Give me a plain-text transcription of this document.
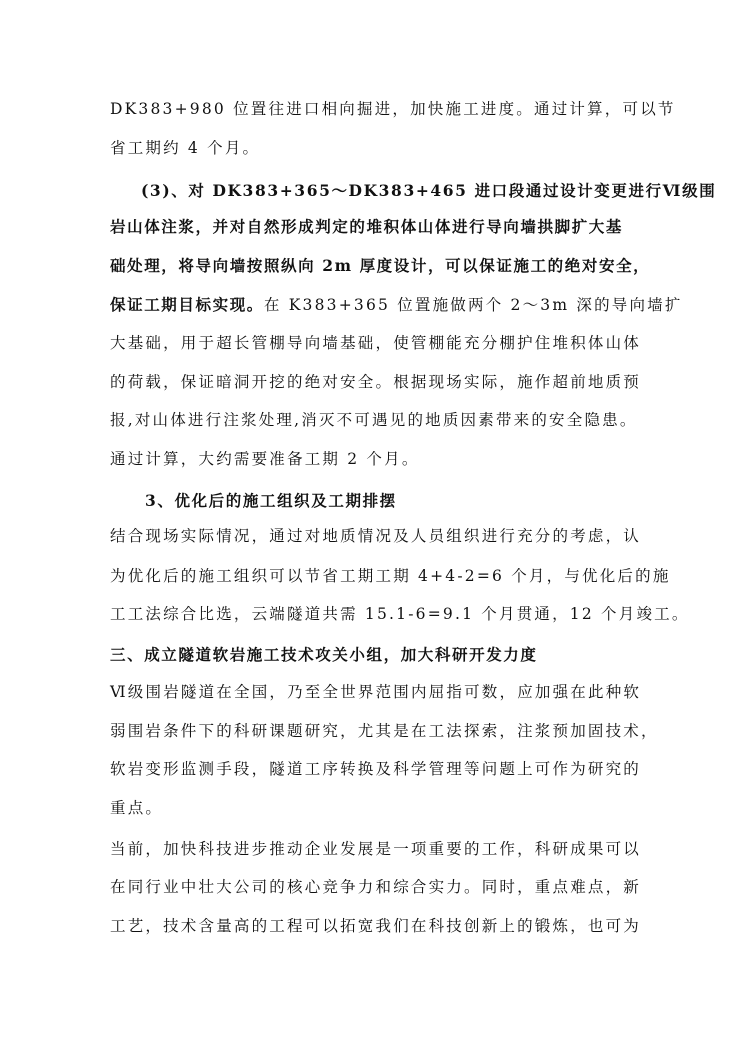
DK383+980 位置往进口相向掘进，加快施工进度。通过计算，可以节
省工期约 4 个月。
(3)、对 DK383+365～DK383+465 进口段通过设计变更进行Ⅵ级围
岩山体注浆，并对自然形成判定的堆积体山体进行导向墙拱脚扩大基
础处理，将导向墙按照纵向 2m 厚度设计，可以保证施工的绝对安全，
保证工期目标实现。在 K383+365 位置施做两个 2～3m 深的导向墙扩
大基础，用于超长管棚导向墙基础，使管棚能充分棚护住堆积体山体
的荷载，保证暗洞开挖的绝对安全。根据现场实际，施作超前地质预
报,对山体进行注浆处理,消灭不可遇见的地质因素带来的安全隐患。
通过计算，大约需要准备工期 2 个月。
3、优化后的施工组织及工期排摆
结合现场实际情况，通过对地质情况及人员组织进行充分的考虑，认
为优化后的施工组织可以节省工期工期 4+4-2=6 个月，与优化后的施
工工法综合比选，云端隧道共需 15.1-6=9.1 个月贯通，12 个月竣工。
三、成立隧道软岩施工技术攻关小组，加大科研开发力度
Ⅵ级围岩隧道在全国，乃至全世界范围内屈指可数，应加强在此种软
弱围岩条件下的科研课题研究，尤其是在工法探索，注浆预加固技术，
软岩变形监测手段，隧道工序转换及科学管理等问题上可作为研究的
重点。
当前，加快科技进步推动企业发展是一项重要的工作，科研成果可以
在同行业中壮大公司的核心竞争力和综合实力。同时，重点难点，新
工艺，技术含量高的工程可以拓宽我们在科技创新上的锻炼，也可为
